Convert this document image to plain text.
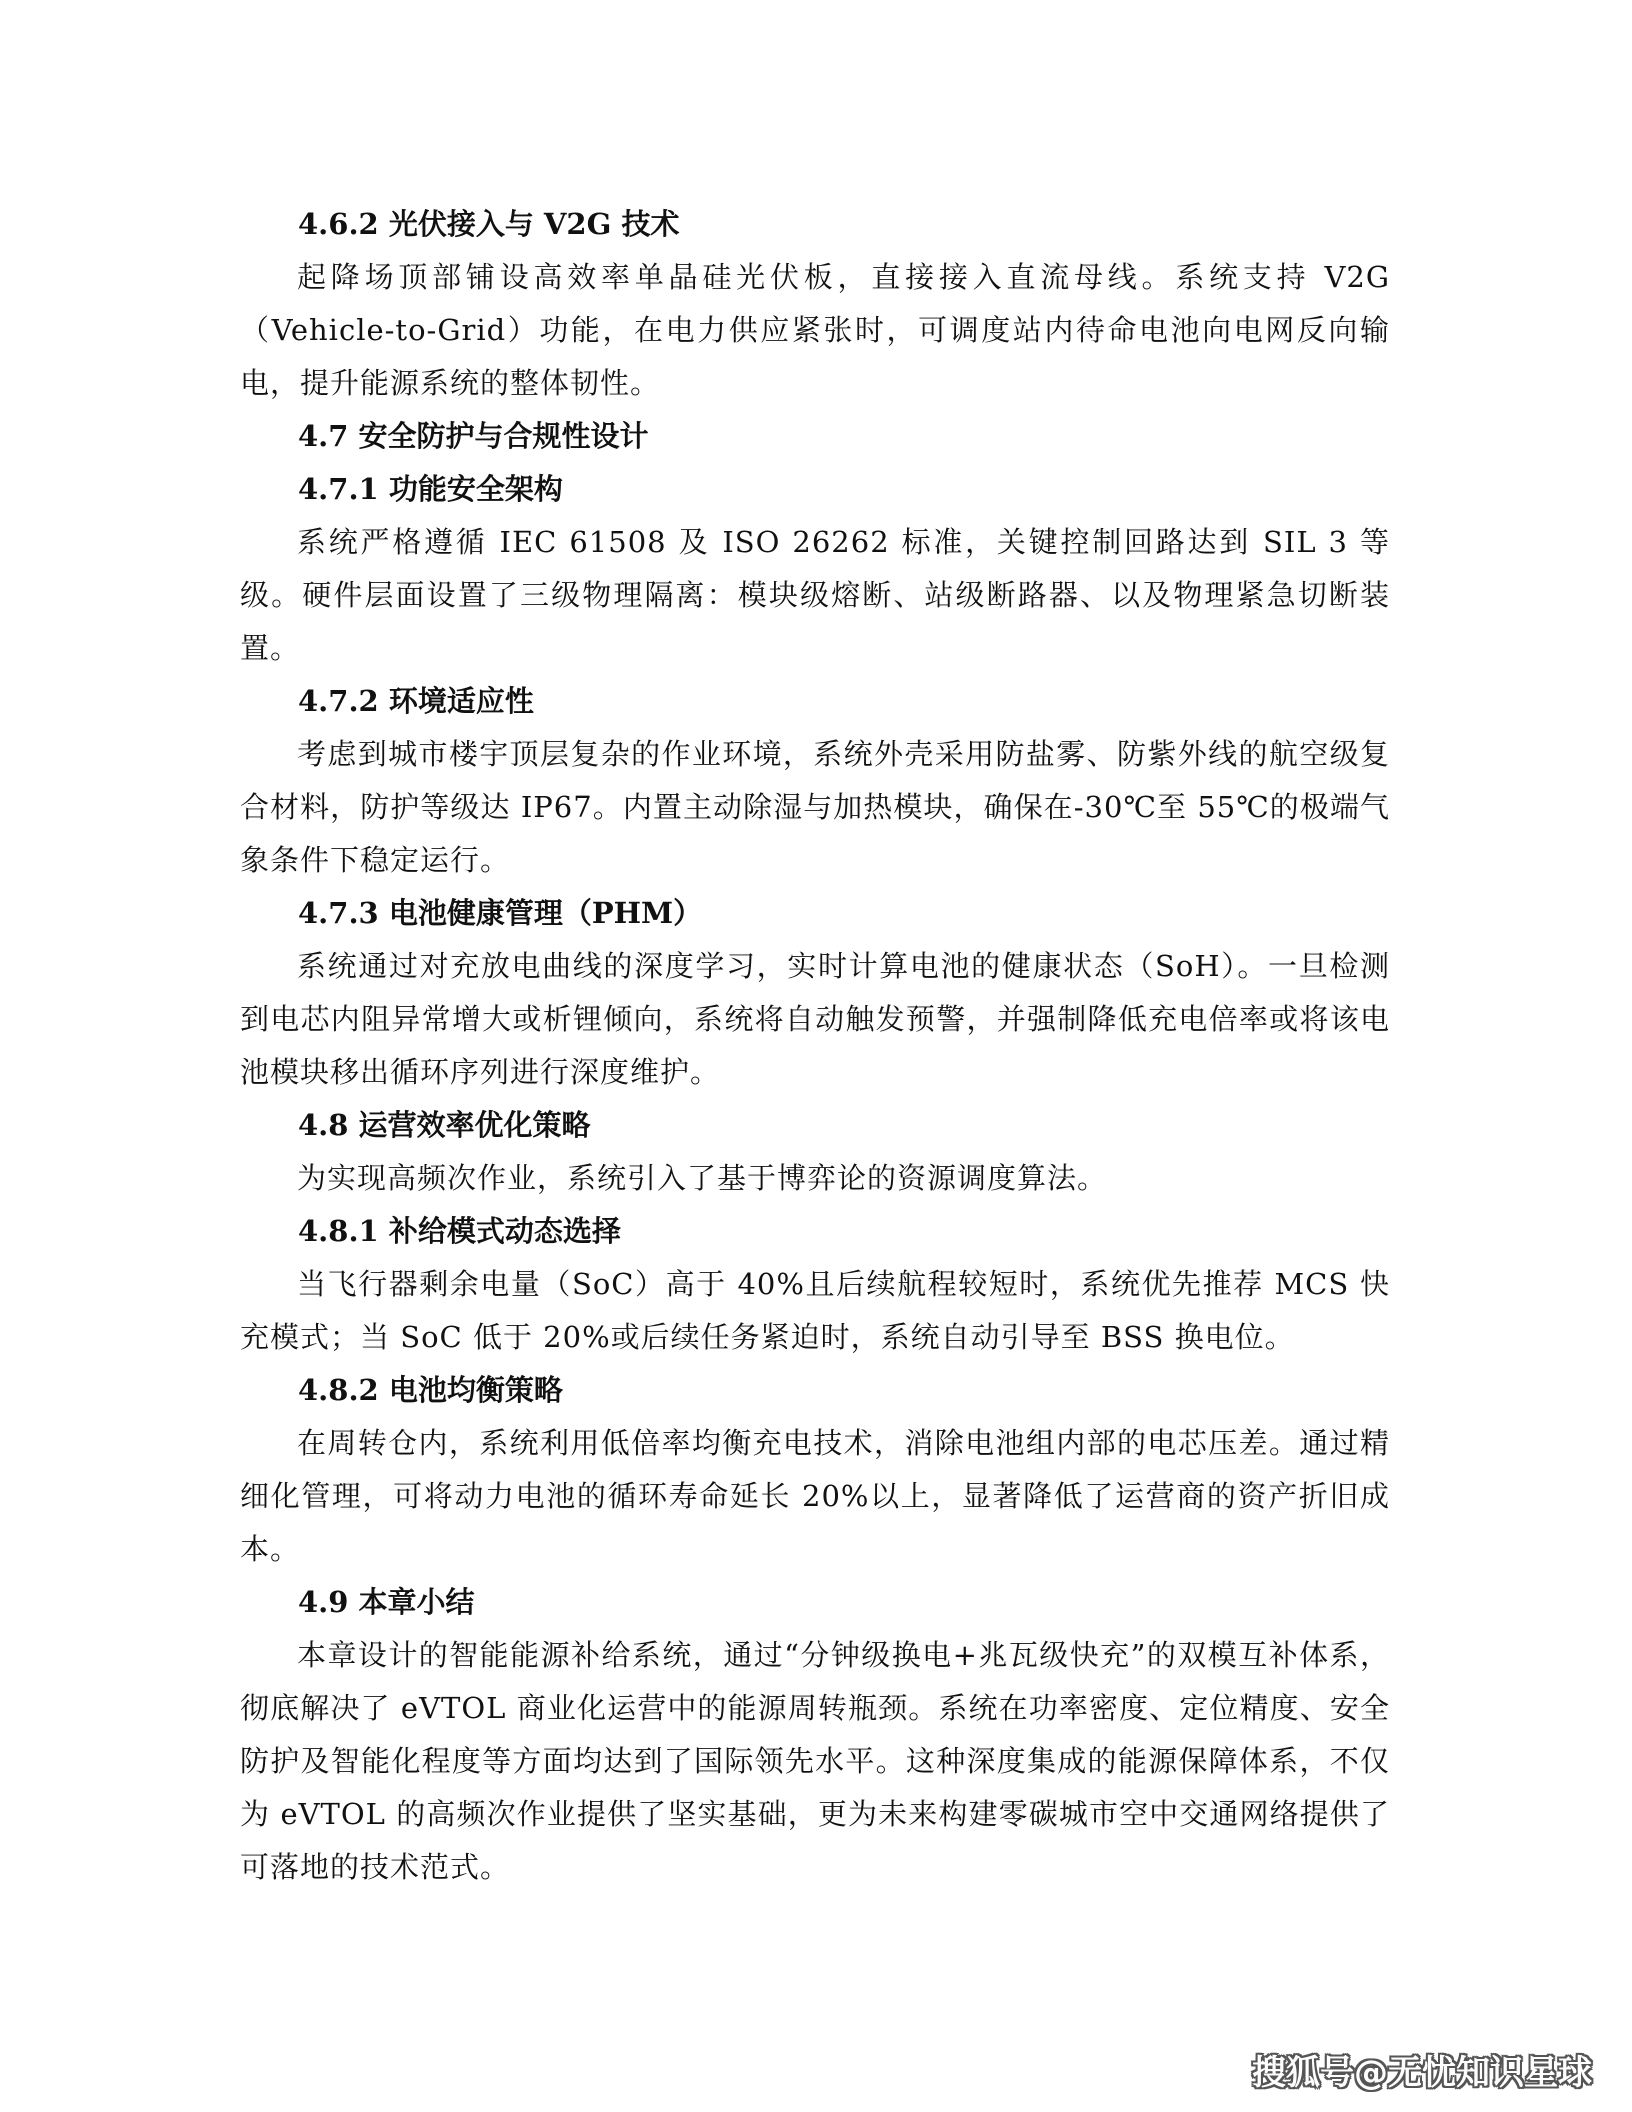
4.6.2 光伏接入与 V2G 技术

起降场顶部铺设高效率单晶硅光伏板，直接接入直流母线。系统支持 V2G（Vehicle-to-Grid）功能，在电力供应紧张时，可调度站内待命电池向电网反向输电，提升能源系统的整体韧性。

4.7 安全防护与合规性设计
4.7.1 功能安全架构

系统严格遵循 IEC 61508 及 ISO 26262 标准，关键控制回路达到 SIL 3 等级。硬件层面设置了三级物理隔离：模块级熔断、站级断路器、以及物理紧急切断装置。

4.7.2 环境适应性

考虑到城市楼宇顶层复杂的作业环境，系统外壳采用防盐雾、防紫外线的航空级复合材料，防护等级达 IP67。内置主动除湿与加热模块，确保在-30℃至 55℃的极端气象条件下稳定运行。

4.7.3 电池健康管理（PHM）

系统通过对充放电曲线的深度学习，实时计算电池的健康状态（SoH）。一旦检测到电芯内阻异常增大或析锂倾向，系统将自动触发预警，并强制降低充电倍率或将该电池模块移出循环序列进行深度维护。

4.8 运营效率优化策略

为实现高频次作业，系统引入了基于博弈论的资源调度算法。

4.8.1 补给模式动态选择

当飞行器剩余电量（SoC）高于 40%且后续航程较短时，系统优先推荐 MCS 快充模式；当 SoC 低于 20%或后续任务紧迫时，系统自动引导至 BSS 换电位。

4.8.2 电池均衡策略

在周转仓内，系统利用低倍率均衡充电技术，消除电池组内部的电芯压差。通过精细化管理，可将动力电池的循环寿命延长 20%以上，显著降低了运营商的资产折旧成本。

4.9 本章小结

本章设计的智能能源补给系统，通过“分钟级换电+兆瓦级快充”的双模互补体系，彻底解决了 eVTOL 商业化运营中的能源周转瓶颈。系统在功率密度、定位精度、安全防护及智能化程度等方面均达到了国际领先水平。这种深度集成的能源保障体系，不仅为 eVTOL 的高频次作业提供了坚实基础，更为未来构建零碳城市空中交通网络提供了可落地的技术范式。

搜狐号@无忧知识星球
